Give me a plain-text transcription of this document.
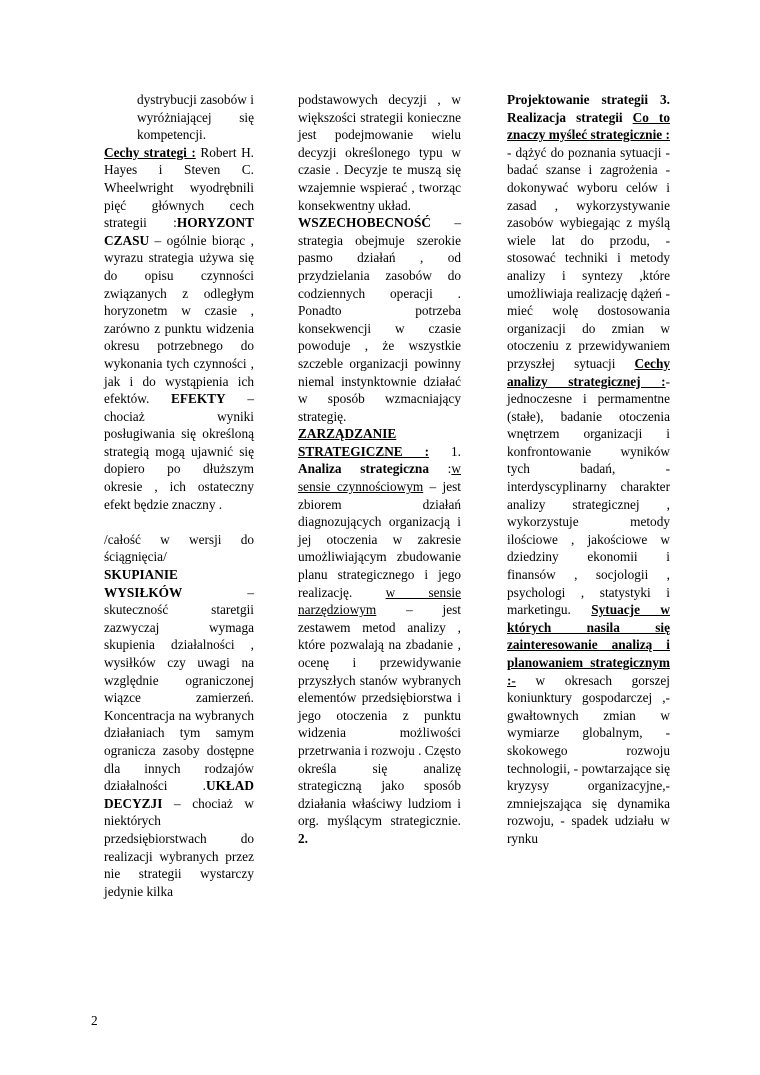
dystrybucji zasobów i wyróżniającej się kompetencji.

Cechy strategi : Robert H. Hayes i Steven C. Wheelwright wyodrębnili pięć głównych cech strategii :HORYZONT CZASU – ogólnie biorąc , wyrazu strategia używa się do opisu czynności związanych z odległym horyzonetm w czasie , zarówno z punktu widzenia okresu potrzebnego do wykonania tych czynności , jak i do wystąpienia ich efektów. EFEKTY – chociaż wyniki posługiwania się określoną strategią mogą ujawnić się dopiero po dłuższym okresie , ich ostateczny efekt będzie znaczny .

/całość w wersji do ściągnięcia/

SKUPIANIE WYSIŁKÓW – skuteczność staretgii zazwyczaj wymaga skupienia działalności , wysiłków czy uwagi na względnie ograniczonej wiązce zamierzeń. Koncentracja na wybranych działaniach tym samym ogranicza zasoby dostępne dla innych rodzajów działalności .UKŁAD DECYZJI – chociaż w niektórych przedsiębiorstwach do realizacji wybranych przez nie strategii wystarczy jedynie kilka

podstawowych decyzji , w większości strategii konieczne jest podejmowanie wielu decyzji określonego typu w czasie . Decyzje te muszą się wzajemnie wspierać , tworząc konsekwentny układ.

WSZECHOBECNOŚĆ –strategia obejmuje szerokie pasmo działań , od przydzielania zasobów do codziennych operacji . Ponadto potrzeba konsekwencji w czasie powoduje , że wszystkie szczeble organizacji powinny niemal instynktownie działać w sposób wzmacniający strategię.

ZARZĄDZANIE STRATEGICZNE : 1. Analiza strategiczna :w sensie czynnościowym – jest zbiorem działań diagnozujących organizacją i jej otoczenia w zakresie umożliwiającym zbudowanie planu strategicznego i jego realizację. w sensie narzędziowym – jest zestawem metod analizy , które pozwalają na zbadanie , ocenę i przewidywanie przyszłych stanów wybranych elementów przedsiębiorstwa i jego otoczenia z punktu widzenia możliwości przetrwania i rozwoju . Często określa się analizę strategiczną jako sposób działania właściwy ludziom i org. myślącym strategicznie. 2.

Projektowanie strategii 3. Realizacja strategii Co to znaczy myśleć strategicznie : - dążyć do poznania sytuacji - badać szanse i zagrożenia - dokonywać wyboru celów i zasad , wykorzystywanie zasobów wybiegając z myślą wiele lat do przodu, - stosować techniki i metody analizy i syntezy ,które umożliwiaja realizację dążeń - mieć wolę dostosowania organizacji do zmian w otoczeniu z przewidywaniem przyszłej sytuacji Cechy analizy strategicznej :- jednoczesne i permamentne (stałe), badanie otoczenia wnętrzem organizacji i konfrontowanie wyników tych badań, - interdyscyplinarny charakter analizy strategicznej , wykorzystuje metody ilościowe , jakościowe w dziedziny ekonomii i finansów , socjologii , psychologi , statystyki i marketingu. Sytuacje w których nasila się zainteresowanie analizą i planowaniem strategicznym :- w okresach gorszej koniunktury gospodarczej ,- gwałtownych zmian w wymiarze globalnym, - skokowego rozwoju technologii, - powtarzające się kryzysy organizacyjne,- zmniejszająca się dynamika rozwoju, - spadek udziału w rynku

2
